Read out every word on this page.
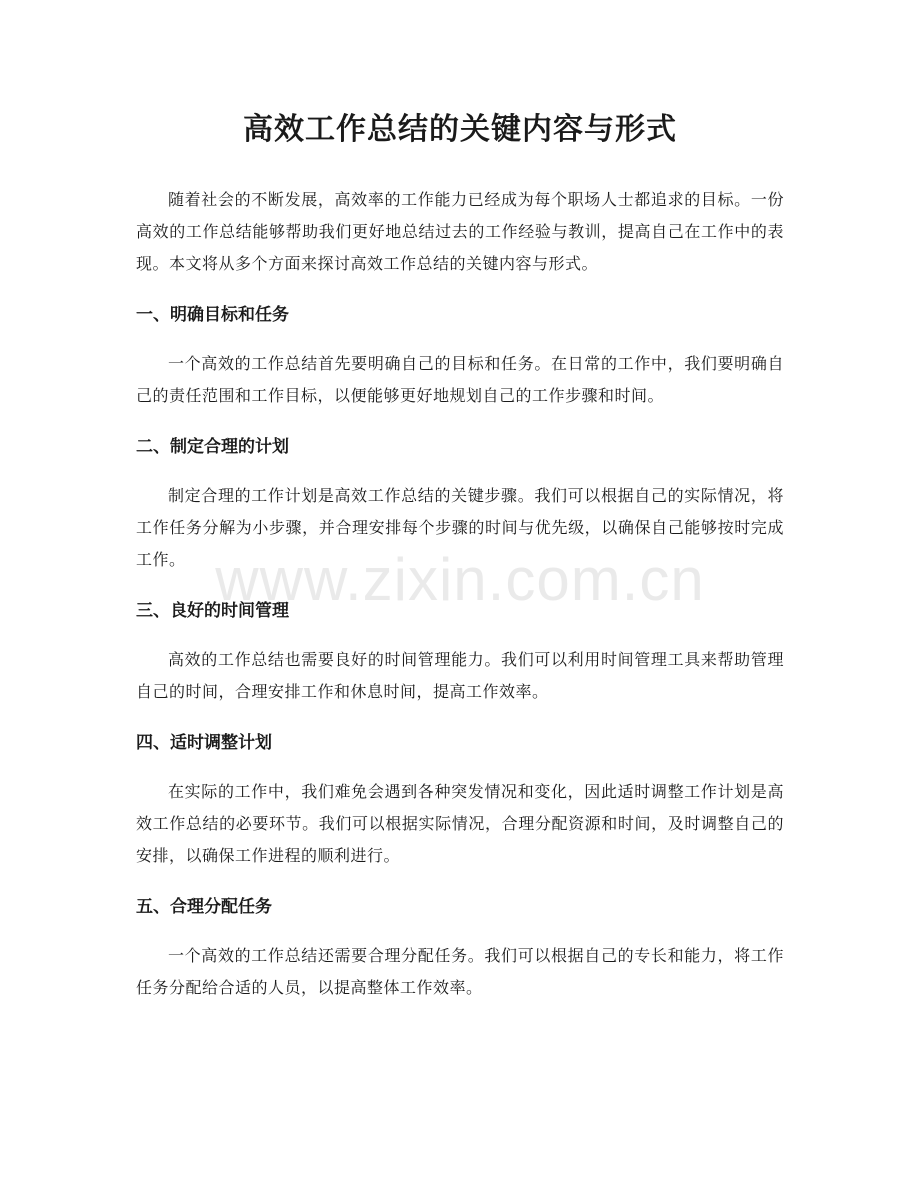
高效工作总结的关键内容与形式

随着社会的不断发展，高效率的工作能力已经成为每个职场人士都追求的目标。一份高效的工作总结能够帮助我们更好地总结过去的工作经验与教训，提高自己在工作中的表现。本文将从多个方面来探讨高效工作总结的关键内容与形式。

一、明确目标和任务

一个高效的工作总结首先要明确自己的目标和任务。在日常的工作中，我们要明确自己的责任范围和工作目标，以便能够更好地规划自己的工作步骤和时间。

二、制定合理的计划

制定合理的工作计划是高效工作总结的关键步骤。我们可以根据自己的实际情况，将工作任务分解为小步骤，并合理安排每个步骤的时间与优先级，以确保自己能够按时完成工作。

三、良好的时间管理

高效的工作总结也需要良好的时间管理能力。我们可以利用时间管理工具来帮助管理自己的时间，合理安排工作和休息时间，提高工作效率。

四、适时调整计划

在实际的工作中，我们难免会遇到各种突发情况和变化，因此适时调整工作计划是高效工作总结的必要环节。我们可以根据实际情况，合理分配资源和时间，及时调整自己的安排，以确保工作进程的顺利进行。

五、合理分配任务

一个高效的工作总结还需要合理分配任务。我们可以根据自己的专长和能力，将工作任务分配给合适的人员，以提高整体工作效率。

www.zixin.com.cn
